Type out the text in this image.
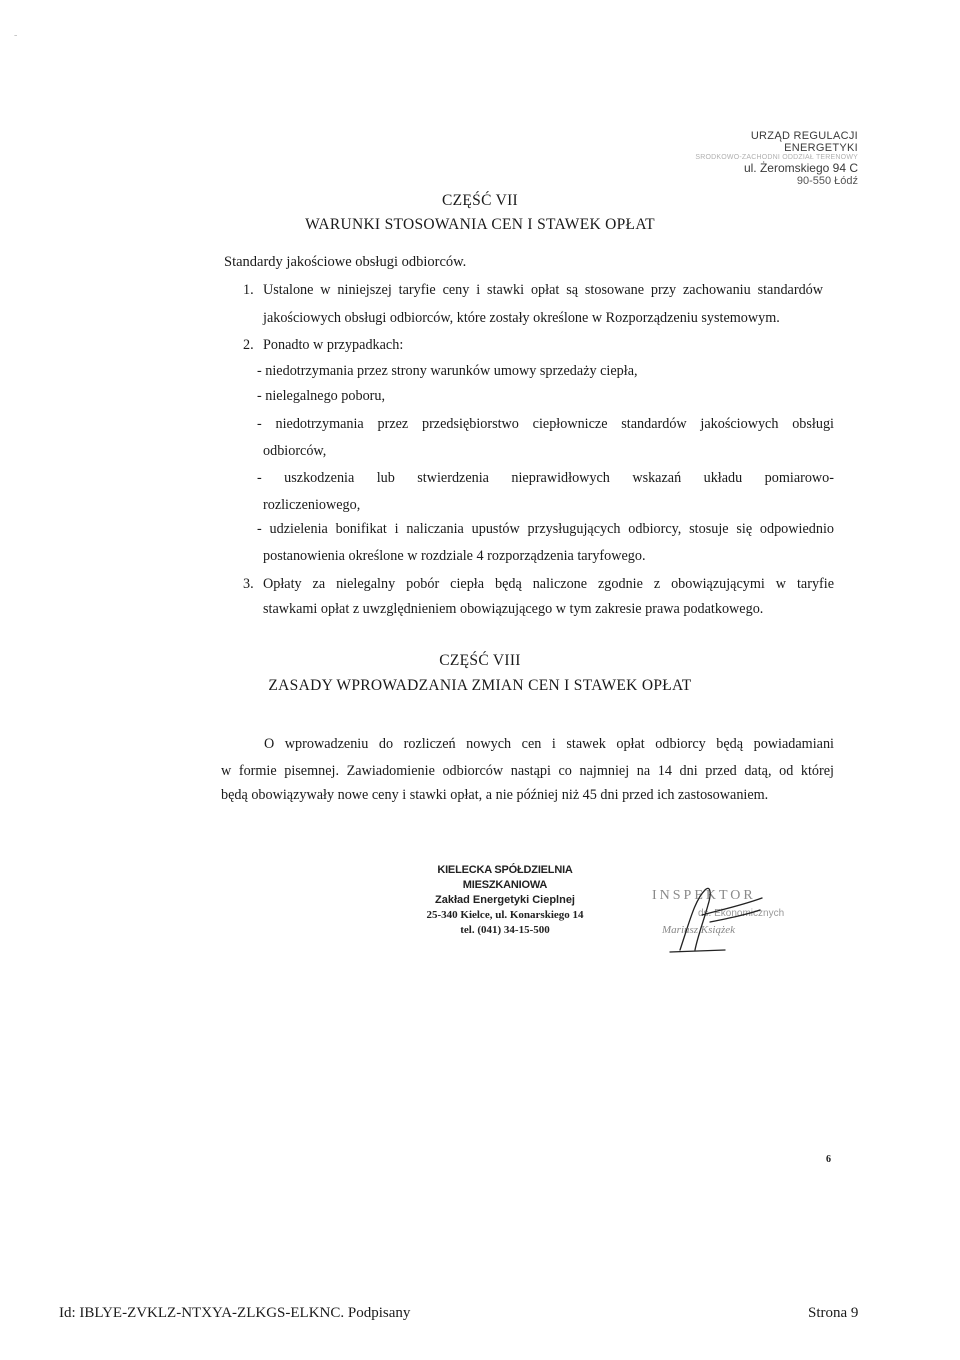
-
URZĄD REGULACJI ENERGETYKI
SRODKOWO-ZACHODNI ODDZIAŁ TERENOWY
ul. Żeromskiego 94 C
90-550 Łódź
CZĘŚĆ VII
WARUNKI STOSOWANIA CEN I STAWEK OPŁAT
Standardy jakościowe obsługi odbiorców.
1. Ustalone w niniejszej taryfie ceny i stawki opłat są stosowane przy zachowaniu standardów
jakościowych obsługi odbiorców, które zostały określone w Rozporządzeniu systemowym.
2. Ponadto w przypadkach:
- niedotrzymania przez strony warunków umowy sprzedaży ciepła,
- nielegalnego poboru,
- niedotrzymania przez przedsiębiorstwo ciepłownicze standardów jakościowych obsługi
odbiorców,
- uszkodzenia lub stwierdzenia nieprawidłowych wskazań układu pomiarowo-
rozliczeniowego,
- udzielenia bonifikat i naliczania upustów przysługujących odbiorcy, stosuje się odpowiednio
postanowienia określone w rozdziale 4 rozporządzenia taryfowego.
3. Opłaty za nielegalny pobór ciepła będą naliczone zgodnie z obowiązującymi w taryfie
stawkami opłat z uwzględnieniem obowiązującego w tym zakresie prawa podatkowego.
CZĘŚĆ VIII
ZASADY WPROWADZANIA ZMIAN CEN I STAWEK OPŁAT
O wprowadzeniu do rozliczeń nowych cen i stawek opłat odbiorcy będą powiadamiani
w formie pisemnej. Zawiadomienie odbiorców nastąpi co najmniej na 14 dni przed datą, od której
będą obowiązywały nowe ceny i stawki opłat, a nie później niż 45 dni przed ich zastosowaniem.
KIELECKA SPÓŁDZIELNIA MIESZKANIOWA
Zakład Energetyki Cieplnej
25-340 Kielce, ul. Konarskiego 14
tel. (041) 34-15-500
INSPEKTOR
ds. Ekonomicznych
Mariusz Książek
6
Id: IBLYE-ZVKLZ-NTXYA-ZLKGS-ELKNC. Podpisany	Strona 9
